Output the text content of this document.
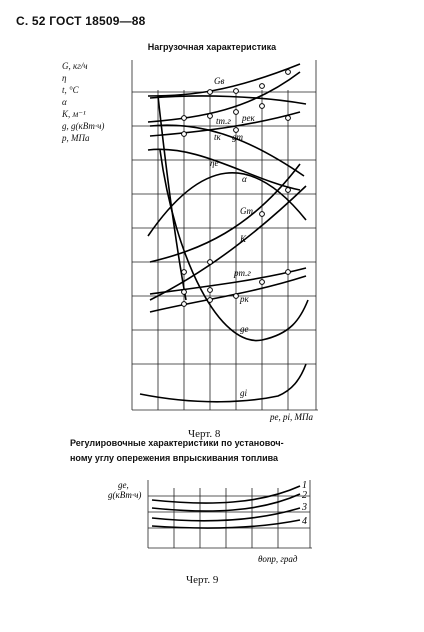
С. 52 ГОСТ 18509—88
Нагрузочная характеристика
G, кг/ч
η
t, °C
α
K, м⁻¹
g, g(кВт·ч)
p, МПа
Gв
tт.г pек
tк gт
ηe
α
Gт
K
pт.г
pк
ge
gi
pe, pi, МПа
Черт. 8
Регулировочные характеристики по установоч-
ному углу опережения впрыскивания топлива
1
2
3
4
ge,
g(кВт·ч)
θопр, град
Черт. 9
